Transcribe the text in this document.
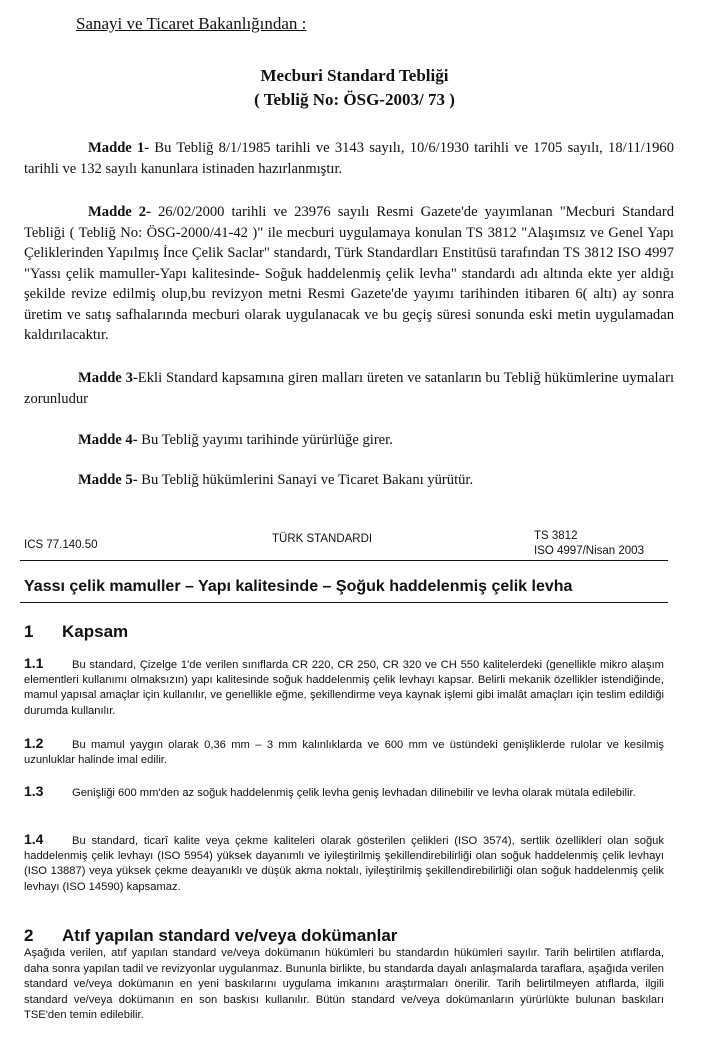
Sanayi ve Ticaret Bakanlığından :
Mecburi Standard Tebliği
( Tebliğ No: ÖSG-2003/ 73 )
Madde 1- Bu Tebliğ 8/1/1985 tarihli ve 3143 sayılı, 10/6/1930 tarihli ve 1705 sayılı, 18/11/1960 tarihli ve 132 sayılı kanunlara istinaden hazırlanmıştır.
Madde 2- 26/02/2000 tarihli ve 23976 sayılı Resmi Gazete'de yayımlanan "Mecburi Standard Tebliği ( Tebliğ No: ÖSG-2000/41-42 )" ile mecburi uygulamaya konulan TS 3812 "Alaşımsız ve Genel Yapı Çeliklerinden Yapılmış İnce Çelik Saclar" standardı, Türk Standardları Enstitüsü tarafından TS 3812 ISO 4997 "Yassı çelik mamuller-Yapı kalitesinde- Soğuk haddelenmiş çelik levha" standardı adı altında ekte yer aldığı şekilde revize edilmiş olup,bu revizyon metni Resmi Gazete'de yayımı tarihinden itibaren 6( altı) ay sonra üretim ve satış safhalarında mecburi olarak uygulanacak ve bu geçiş süresi sonunda eski metin uygulamadan kaldırılacaktır.
Madde 3-Ekli Standard kapsamına giren malları üreten ve satanların bu Tebliğ hükümlerine uymaları zorunludur
Madde 4- Bu Tebliğ yayımı tarihinde yürürlüğe girer.
Madde 5- Bu Tebliğ hükümlerini Sanayi ve Ticaret Bakanı yürütür.
ICS 77.140.50	TÜRK STANDARDI	TS 3812
ISO 4997/Nisan 2003
Yassı çelik mamuller – Yapı kalitesinde – Şoğuk haddelenmiş çelik levha
1 Kapsam
1.1	Bu standard, Çizelge 1'de verilen sınıflarda CR 220, CR 250, CR 320 ve CH 550 kalitelerdeki (genellikle mikro alaşım elementleri kullanımı olmaksızın) yapı kalitesinde soğuk haddelenmiş çelik levhayı kapsar. Belirli mekanik özellikler istendiğinde, mamul yapısal amaçlar için kullanılır, ve genellikle eğme, şekillendirme veya kaynak işlemi gibi imalât amaçları için teslim edildiği durumda kullanılır.
1.2	Bu mamul yaygın olarak 0,36 mm – 3 mm kalınlıklarda ve 600 mm ve üstündeki genişliklerde rulolar ve kesilmiş uzunluklar halinde imal edilir.
1.3	Genişliği 600 mm'den az soğuk haddelenmiş çelik levha geniş levhadan dilinebilir ve levha olarak mütala edilebilir.
1.4	Bu standard, ticarî kalite veya çekme kaliteleri olarak gösterilen çelikleri (ISO 3574), sertlik özellikleri olan soğuk haddelenmiş çelik levhayı (ISO 5954) yüksek dayanımlı ve iyileştirilmiş şekillendirebilirliği olan soğuk haddelenmiş çelik levhayı (ISO 13887) veya yüksek çekme deayanıklı ve düşük akma noktalı, iyileştirilmiş şekillendirebilirliği olan soğuk haddelenmiş çelik levhayı (ISO 14590) kapsamaz.
2 Atıf yapılan standard ve/veya dokümanlar
Aşağıda verilen, atıf yapılan standard ve/veya dokümanın hükümleri bu standardın hükümleri sayılır. Tarih belirtilen atıflarda, daha sonra yapılan tadil ve revizyonlar uygulanmaz. Bununla birlikte, bu standarda dayalı anlaşmalarda taraflara, aşağıda verilen standard ve/veya dokümanın en yeni baskılarını uygulama imkanını araştırmaları önerilir. Tarih belirtilmeyen atıflarda, ilgili standard ve/veya dokümanın en son baskısı kullanılır. Bütün standard ve/veya dokümanların yürürlükte bulunan baskıları TSE'den temin edilebilir.
